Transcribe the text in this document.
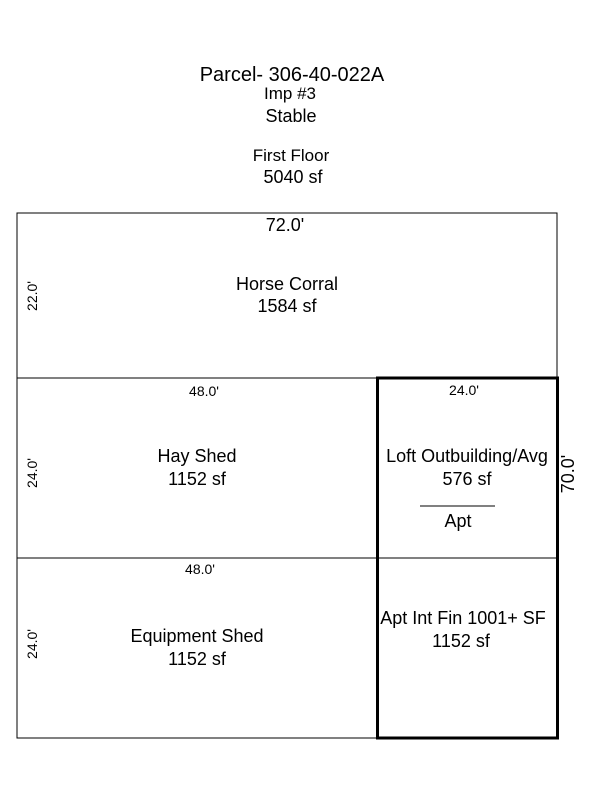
Parcel- 306-40-022A
Imp #3
Stable
First Floor
5040 sf
72.0'
70.0'
22.0'	Horse Corral
1584 sf
48.0'
24.0'
Hay Shed
1152 sf
24.0'
Loft Outbuilding/Avg
576 sf
Apt
48.0'
24.0'	Equipment Shed
1152 sf
Apt Int Fin 1001+ SF
1152 sf
